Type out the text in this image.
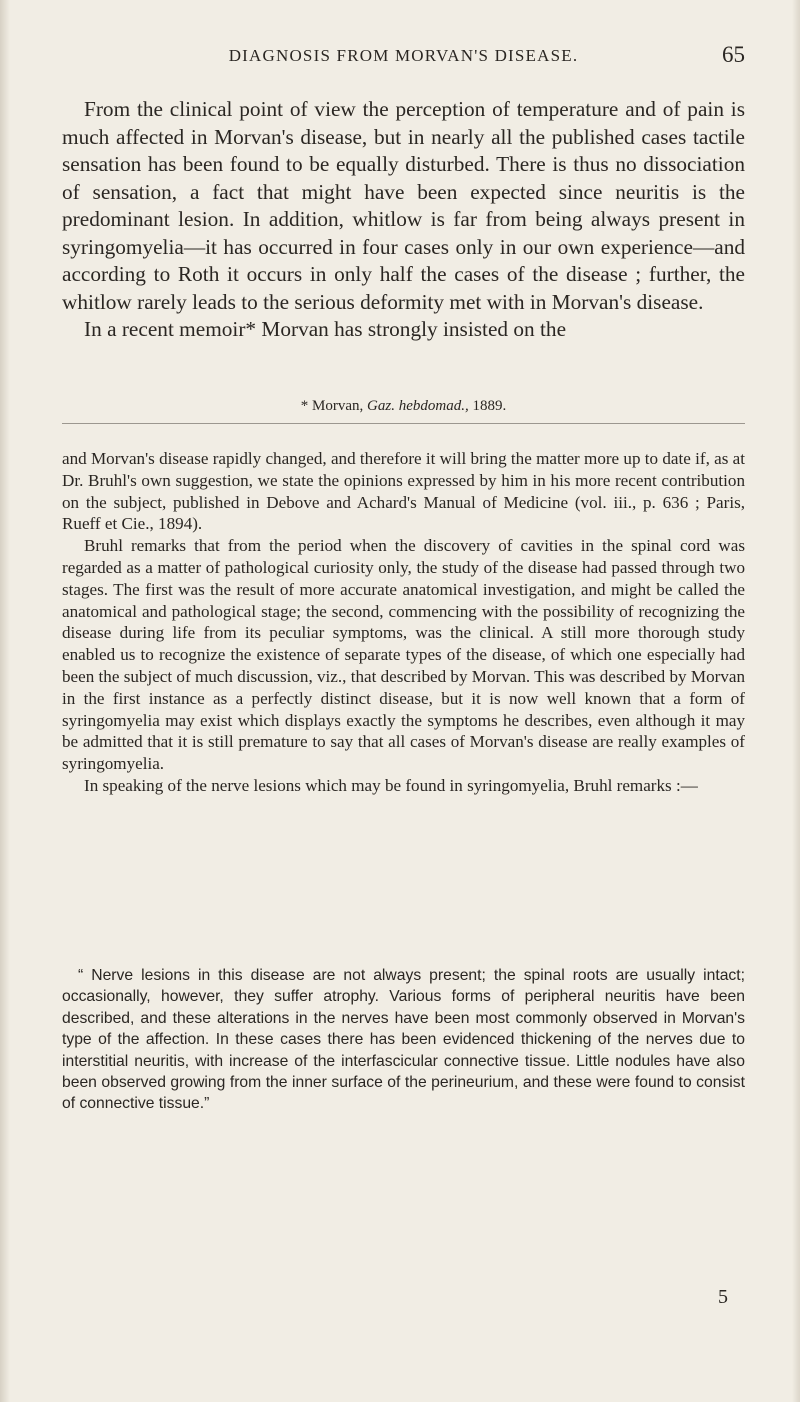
DIAGNOSIS FROM MORVAN'S DISEASE.	65

From the clinical point of view the perception of temperature and of pain is much affected in Morvan's disease, but in nearly all the published cases tactile sensation has been found to be equally disturbed. There is thus no dissociation of sensation, a fact that might have been expected since neuritis is the predominant lesion. In addition, whitlow is far from being always present in syringomyelia—it has occurred in four cases only in our own experience—and according to Roth it occurs in only half the cases of the disease ; further, the whitlow rarely leads to the serious deformity met with in Morvan's disease.

In a recent memoir* Morvan has strongly insisted on the

* Morvan, Gaz. hebdomad., 1889.

and Morvan's disease rapidly changed, and therefore it will bring the matter more up to date if, as at Dr. Bruhl's own suggestion, we state the opinions expressed by him in his more recent contribution on the subject, published in Debove and Achard's Manual of Medicine (vol. iii., p. 636 ; Paris, Rueff et Cie., 1894).

Bruhl remarks that from the period when the discovery of cavities in the spinal cord was regarded as a matter of pathological curiosity only, the study of the disease had passed through two stages. The first was the result of more accurate anatomical investigation, and might be called the anatomical and pathological stage; the second, commencing with the possibility of recognizing the disease during life from its peculiar symptoms, was the clinical. A still more thorough study enabled us to recognize the existence of separate types of the disease, of which one especially had been the subject of much discussion, viz., that described by Morvan. This was described by Morvan in the first instance as a perfectly distinct disease, but it is now well known that a form of syringomyelia may exist which displays exactly the symptoms he describes, even although it may be admitted that it is still premature to say that all cases of Morvan's disease are really examples of syringomyelia.

In speaking of the nerve lesions which may be found in syringomyelia, Bruhl remarks :—

“ Nerve lesions in this disease are not always present; the spinal roots are usually intact; occasionally, however, they suffer atrophy. Various forms of peripheral neuritis have been described, and these alterations in the nerves have been most commonly observed in Morvan's type of the affection. In these cases there has been evidenced thickening of the nerves due to interstitial neuritis, with increase of the interfascicular connective tissue. Little nodules have also been observed growing from the inner surface of the perineurium, and these were found to consist of connective tissue.”
5
